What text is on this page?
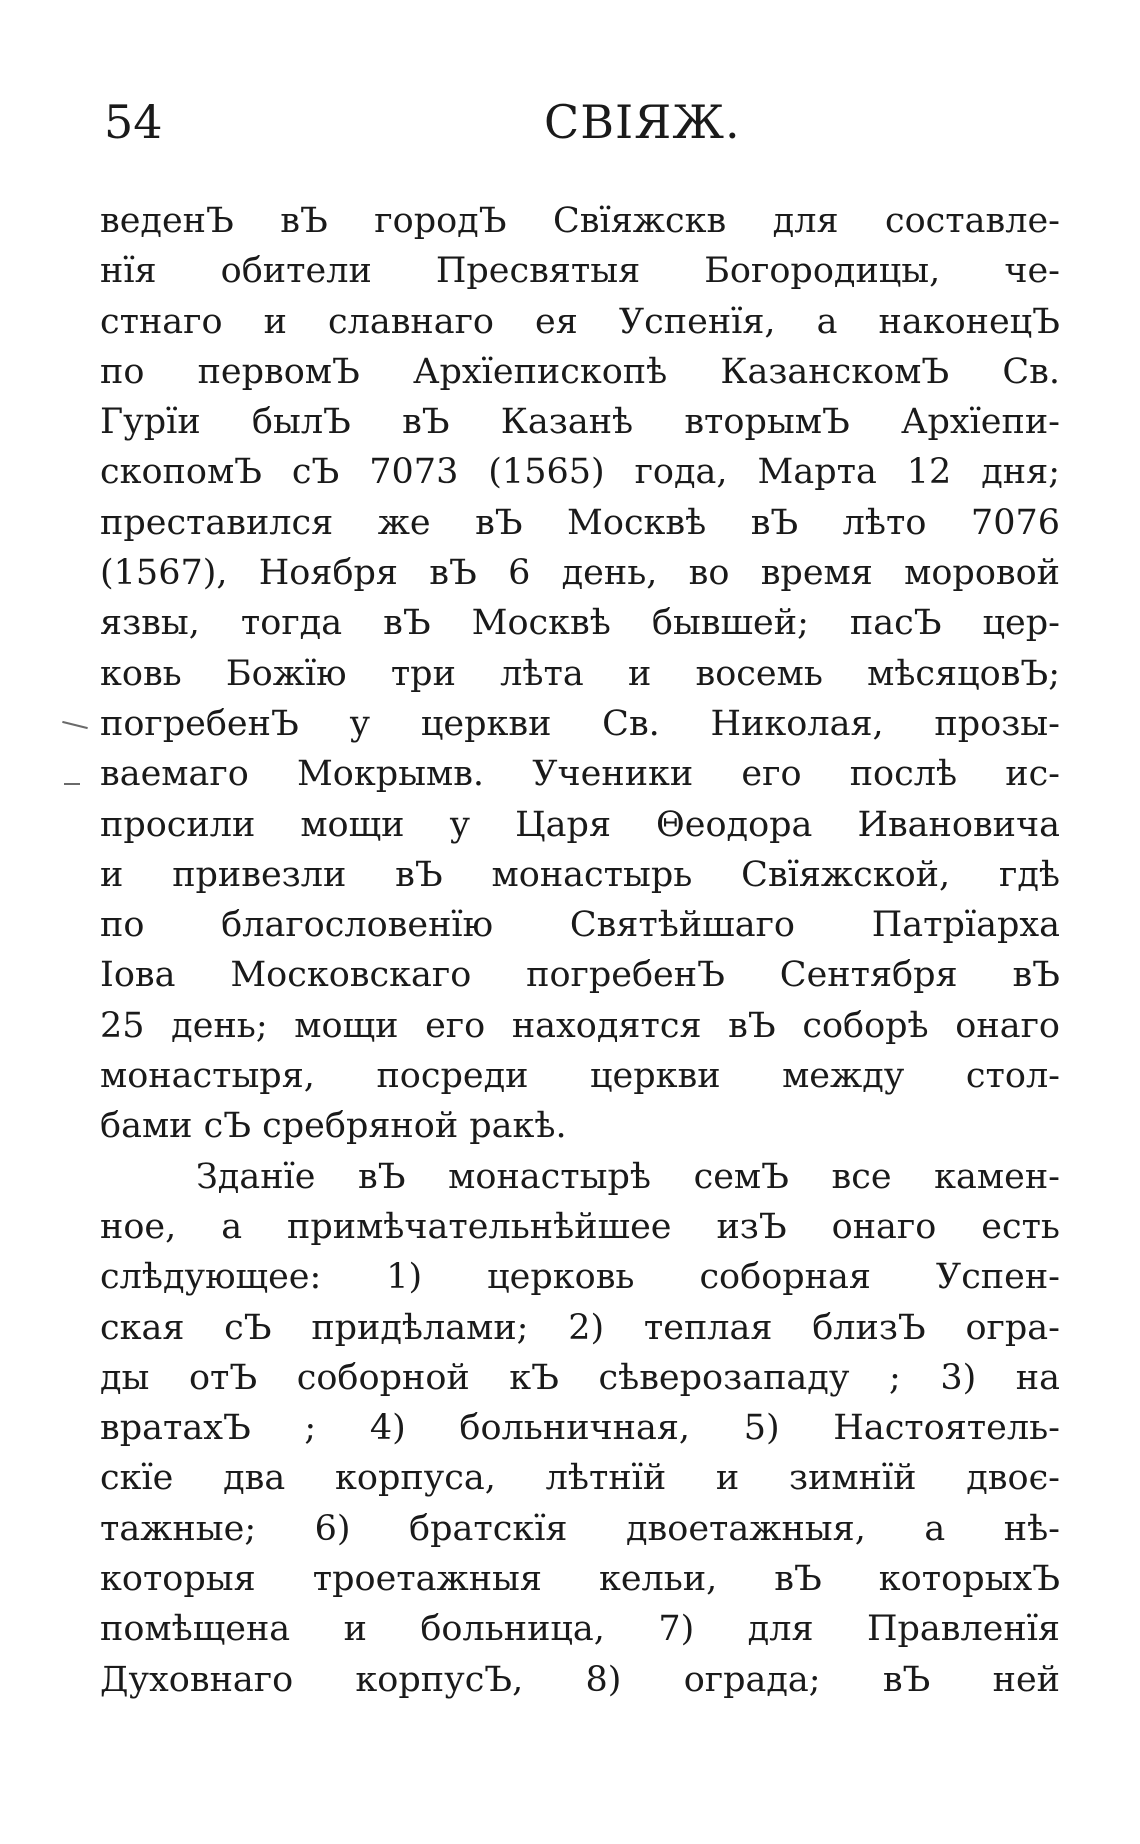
54	СВІЯЖ.
веденЪ вЪ городЪ Свїяжскв для составле-
нїя обители Пресвятыя Богородицы, че-
стнаго и славнаго ея Успенїя, а наконецЪ
по первомЪ Архїепископѣ КазанскомЪ Св.
Гурїи былЪ вЪ Казанѣ вторымЪ Архїепи-
скопомЪ сЪ 7073 (1565) года, Марта 12 дня;
преставился же вЪ Москвѣ вЪ лѣто 7076
(1567), Ноября вЪ 6 день, во время моровой
язвы, тогда вЪ Москвѣ бывшей; пасЪ цер-
ковь Божїю три лѣта и восемь мѣсяцовЪ;
погребенЪ у церкви Св. Николая, прозы-
ваемаго Мокрымв. Ученики его послѣ ис-
просили мощи у Царя Θеодора Ивановича
и привезли вЪ монастырь Свїяжской, гдѣ
по благословенїю Святѣйшаго Патрїарха
Іова Московскаго погребенЪ Сентября вЪ
25 день; мощи его находятся вЪ соборѣ онаго
монастыря, посреди церкви между стол-
бами сЪ сребряной ракѣ.
Зданїе вЪ монастырѣ семЪ все камен-
ное, а примѣчательнѣйшее изЪ онаго есть
слѣдующее: 1) церковь соборная Успен-
ская сЪ придѣлами; 2) теплая близЪ огра-
ды отЪ соборной кЪ сѣверозападу ; 3) на
вратахЪ ; 4) больничная, 5) Настоятель-
скїе два корпуса, лѣтнїй и зимнїй двоє-
тажные; 6) братскїя двоетажныя, а нѣ-
которыя троетажныя кельи, вЪ которыхЪ
помѣщена и больница, 7) для Правленїя
Духовнаго корпусЪ, 8) ограда; вЪ ней
